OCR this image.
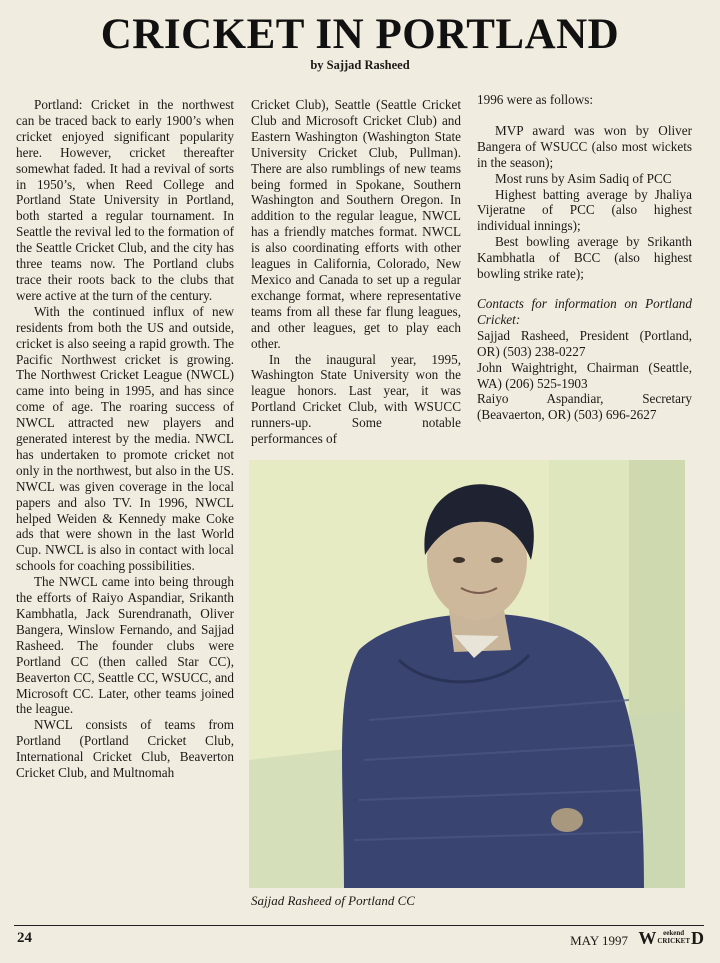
CRICKET IN PORTLAND
by Sajjad Rasheed

Portland: Cricket in the northwest can be traced back to early 1900’s when cricket enjoyed significant popularity here. However, cricket thereafter somewhat faded. It had a revival of sorts in 1950’s, when Reed College and Portland State University in Portland, both started a regular tournament. In Seattle the revival led to the formation of the Seattle Cricket Club, and the city has three teams now. The Portland clubs trace their roots back to the clubs that were active at the turn of the century.

With the continued influx of new residents from both the US and outside, cricket is also seeing a rapid growth. The Pacific Northwest cricket is growing. The Northwest Cricket League (NWCL) came into being in 1995, and has since come of age. The roaring success of NWCL attracted new players and generated interest by the media. NWCL has undertaken to promote cricket not only in the northwest, but also in the US. NWCL was given coverage in the local papers and also TV. In 1996, NWCL helped Weiden & Kennedy make Coke ads that were shown in the last World Cup. NWCL is also in contact with local schools for coaching possibilities.

The NWCL came into being through the efforts of Raiyo Aspandiar, Srikanth Kambhatla, Jack Surendranath, Oliver Bangera, Winslow Fernando, and Sajjad Rasheed. The founder clubs were Portland CC (then called Star CC), Beaverton CC, Seattle CC, WSUCC, and Microsoft CC. Later, other teams joined the league.

NWCL consists of teams from Portland (Portland Cricket Club, International Cricket Club, Beaverton Cricket Club, and Multnomah

Cricket Club), Seattle (Seattle Cricket Club and Microsoft Cricket Club) and Eastern Washington (Washington State University Cricket Club, Pullman). There are also rumblings of new teams being formed in Spokane, Southern Washington and Southern Oregon. In addition to the regular league, NWCL has a friendly matches format. NWCL is also coordinating efforts with other leagues in California, Colorado, New Mexico and Canada to set up a regular exchange format, where representative teams from all these far flung leagues, and other leagues, get to play each other.

In the inaugural year, 1995, Washington State University won the league honors. Last year, it was Portland Cricket Club, with WSUCC runners-up. Some notable performances of

1996 were as follows:

MVP award was won by Oliver Bangera of WSUCC (also most wickets in the season);

Most runs by Asim Sadiq of PCC

Highest batting average by Jhaliya Vijeratne of PCC (also highest individual innings);

Best bowling average by Srikanth Kambhatla of BCC (also highest bowling strike rate);

Contacts for information on Portland Cricket:

Sajjad Rasheed, President (Portland, OR) (503) 238-0227

John Waightright, Chairman (Seattle, WA) (206) 525-1903

Raiyo Aspandiar, Secretary (Beavaerton, OR) (503) 696-2627

Sajjad Rasheed of Portland CC
24	MAY 1997 W eekend
CRICKET D
